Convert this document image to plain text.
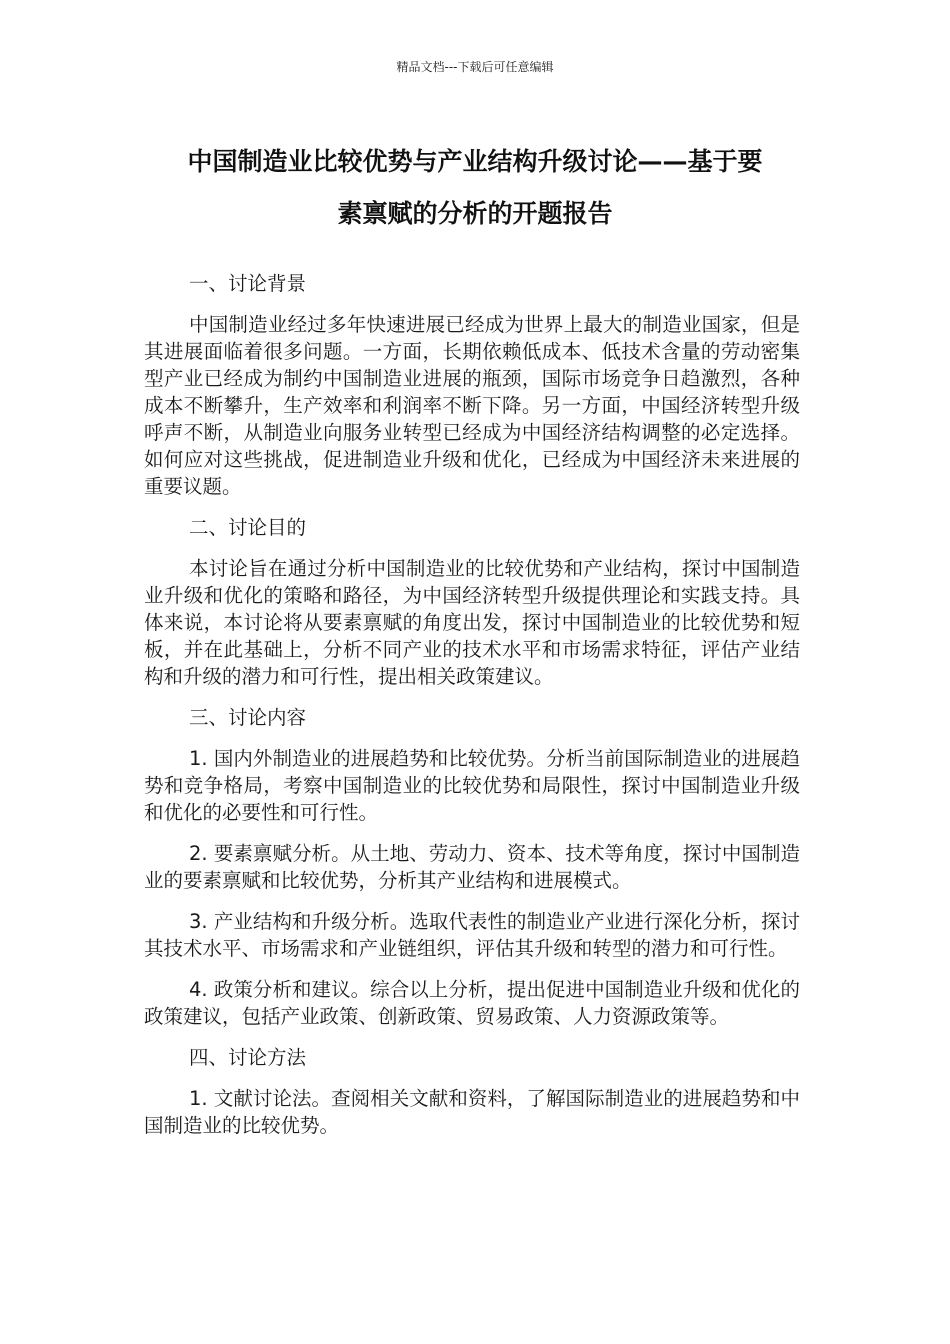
精品文档---下载后可任意编辑
中国制造业比较优势与产业结构升级讨论——基于要
素禀赋的分析的开题报告

一、讨论背景

中国制造业经过多年快速进展已经成为世界上最大的制造业国家，但是其进展面临着很多问题。一方面，长期依赖低成本、低技术含量的劳动密集型产业已经成为制约中国制造业进展的瓶颈，国际市场竞争日趋激烈，各种成本不断攀升，生产效率和利润率不断下降。另一方面，中国经济转型升级呼声不断，从制造业向服务业转型已经成为中国经济结构调整的必定选择。如何应对这些挑战，促进制造业升级和优化，已经成为中国经济未来进展的重要议题。

二、讨论目的

本讨论旨在通过分析中国制造业的比较优势和产业结构，探讨中国制造业升级和优化的策略和路径，为中国经济转型升级提供理论和实践支持。具体来说，本讨论将从要素禀赋的角度出发，探讨中国制造业的比较优势和短板，并在此基础上，分析不同产业的技术水平和市场需求特征，评估产业结构和升级的潜力和可行性，提出相关政策建议。

三、讨论内容

1. 国内外制造业的进展趋势和比较优势。分析当前国际制造业的进展趋势和竞争格局，考察中国制造业的比较优势和局限性，探讨中国制造业升级和优化的必要性和可行性。

2. 要素禀赋分析。从土地、劳动力、资本、技术等角度，探讨中国制造业的要素禀赋和比较优势，分析其产业结构和进展模式。

3. 产业结构和升级分析。选取代表性的制造业产业进行深化分析，探讨其技术水平、市场需求和产业链组织，评估其升级和转型的潜力和可行性。

4. 政策分析和建议。综合以上分析，提出促进中国制造业升级和优化的政策建议，包括产业政策、创新政策、贸易政策、人力资源政策等。

四、讨论方法

1. 文献讨论法。查阅相关文献和资料，了解国际制造业的进展趋势和中国制造业的比较优势。
